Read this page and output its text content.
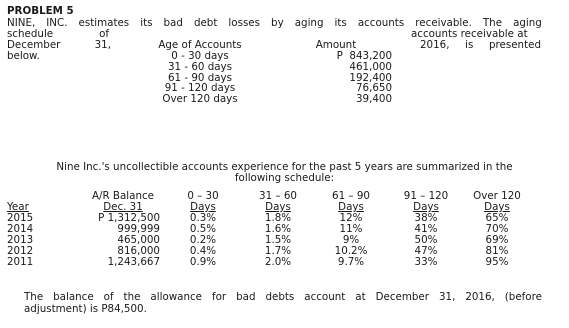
PROBLEM 5
NINE, INC. estimates its bad debt losses by aging its accounts receivable. The aging
schedule	of	accounts receivable at
December	31,	2016, is presented
below.
Age of Accounts	Amount
0 - 30 days	P  843,200
31 - 60 days	461,000
61 - 90 days	192,400
91 - 120 days	76,650
Over 120 days	39,400
Nine Inc.'s uncollectible accounts experience for the past 5 years are summarized in the
following schedule:
A/R Balance	0 – 30	31 – 60	61 – 90	91 – 120	Over 120
Year	Dec. 31	Days	Days	Days	Days	Days
2015	P 1,312,500	0.3%	1.8%	12%	38%	65%
2014	999,999	0.5%	1.6%	11%	41%	70%
2013	465,000	0.2%	1.5%	9%	50%	69%
2012	816,000	0.4%	1.7%	10.2%	47%	81%
2011	1,243,667	0.9%	2.0%	9.7%	33%	95%
The balance of the allowance for bad debts account at December 31, 2016, (before
adjustment) is P84,500.
